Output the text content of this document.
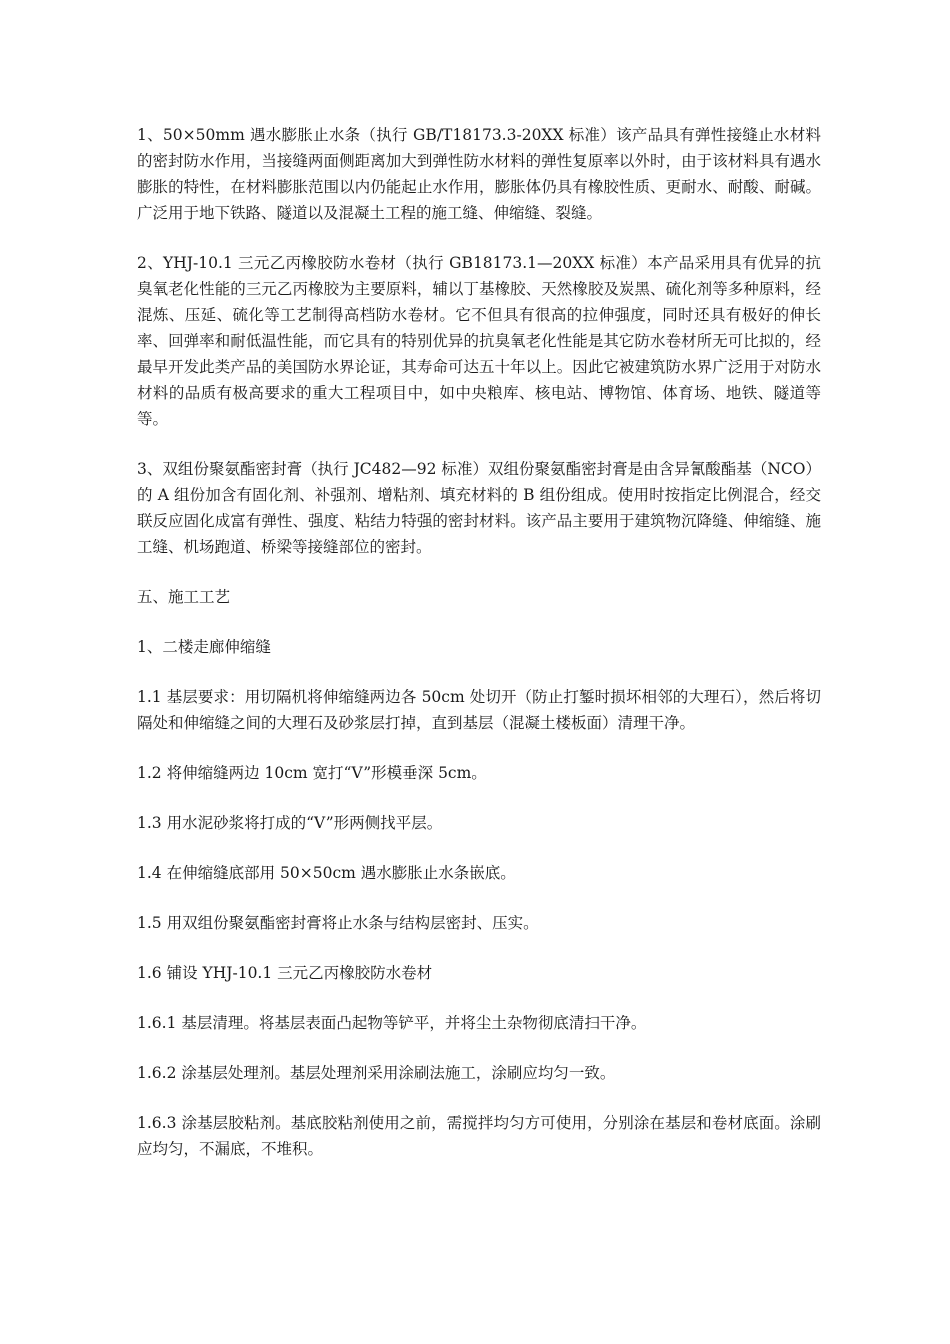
1、50×50mm 遇水膨胀止水条（执行 GB/T18173.3-20XX 标准）该产品具有弹性接缝止水材料的密封防水作用，当接缝两面侧距离加大到弹性防水材料的弹性复原率以外时，由于该材料具有遇水膨胀的特性，在材料膨胀范围以内仍能起止水作用，膨胀体仍具有橡胶性质、更耐水、耐酸、耐碱。广泛用于地下铁路、隧道以及混凝土工程的施工缝、伸缩缝、裂缝。

2、YHJ-10.1 三元乙丙橡胶防水卷材（执行 GB18173.1—20XX 标准）本产品采用具有优异的抗臭氧老化性能的三元乙丙橡胶为主要原料，辅以丁基橡胶、天然橡胶及炭黑、硫化剂等多种原料，经混炼、压延、硫化等工艺制得高档防水卷材。它不但具有很高的拉伸强度，同时还具有极好的伸长率、回弹率和耐低温性能，而它具有的特别优异的抗臭氧老化性能是其它防水卷材所无可比拟的，经最早开发此类产品的美国防水界论证，其寿命可达五十年以上。因此它被建筑防水界广泛用于对防水材料的品质有极高要求的重大工程项目中，如中央粮库、核电站、博物馆、体育场、地铁、隧道等等。

3、双组份聚氨酯密封膏（执行 JC482—92 标准）双组份聚氨酯密封膏是由含异氰酸酯基（NCO）的 A 组份加含有固化剂、补强剂、增粘剂、填充材料的 B 组份组成。使用时按指定比例混合，经交联反应固化成富有弹性、强度、粘结力特强的密封材料。该产品主要用于建筑物沉降缝、伸缩缝、施工缝、机场跑道、桥梁等接缝部位的密封。

五、施工工艺

1、二楼走廊伸缩缝

1.1 基层要求：用切隔机将伸缩缝两边各 50cm 处切开（防止打錾时损坏相邻的大理石），然后将切隔处和伸缩缝之间的大理石及砂浆层打掉，直到基层（混凝土楼板面）清理干净。

1.2 将伸缩缝两边 10cm 宽打“V”形模垂深 5cm。

1.3 用水泥砂浆将打成的“V”形两侧找平层。

1.4 在伸缩缝底部用 50×50cm 遇水膨胀止水条嵌底。

1.5 用双组份聚氨酯密封膏将止水条与结构层密封、压实。

1.6 铺设 YHJ-10.1 三元乙丙橡胶防水卷材

1.6.1 基层清理。将基层表面凸起物等铲平，并将尘土杂物彻底清扫干净。

1.6.2 涂基层处理剂。基层处理剂采用涂刷法施工，涂刷应均匀一致。

1.6.3 涂基层胶粘剂。基底胶粘剂使用之前，需搅拌均匀方可使用，分别涂在基层和卷材底面。涂刷应均匀，不漏底，不堆积。
